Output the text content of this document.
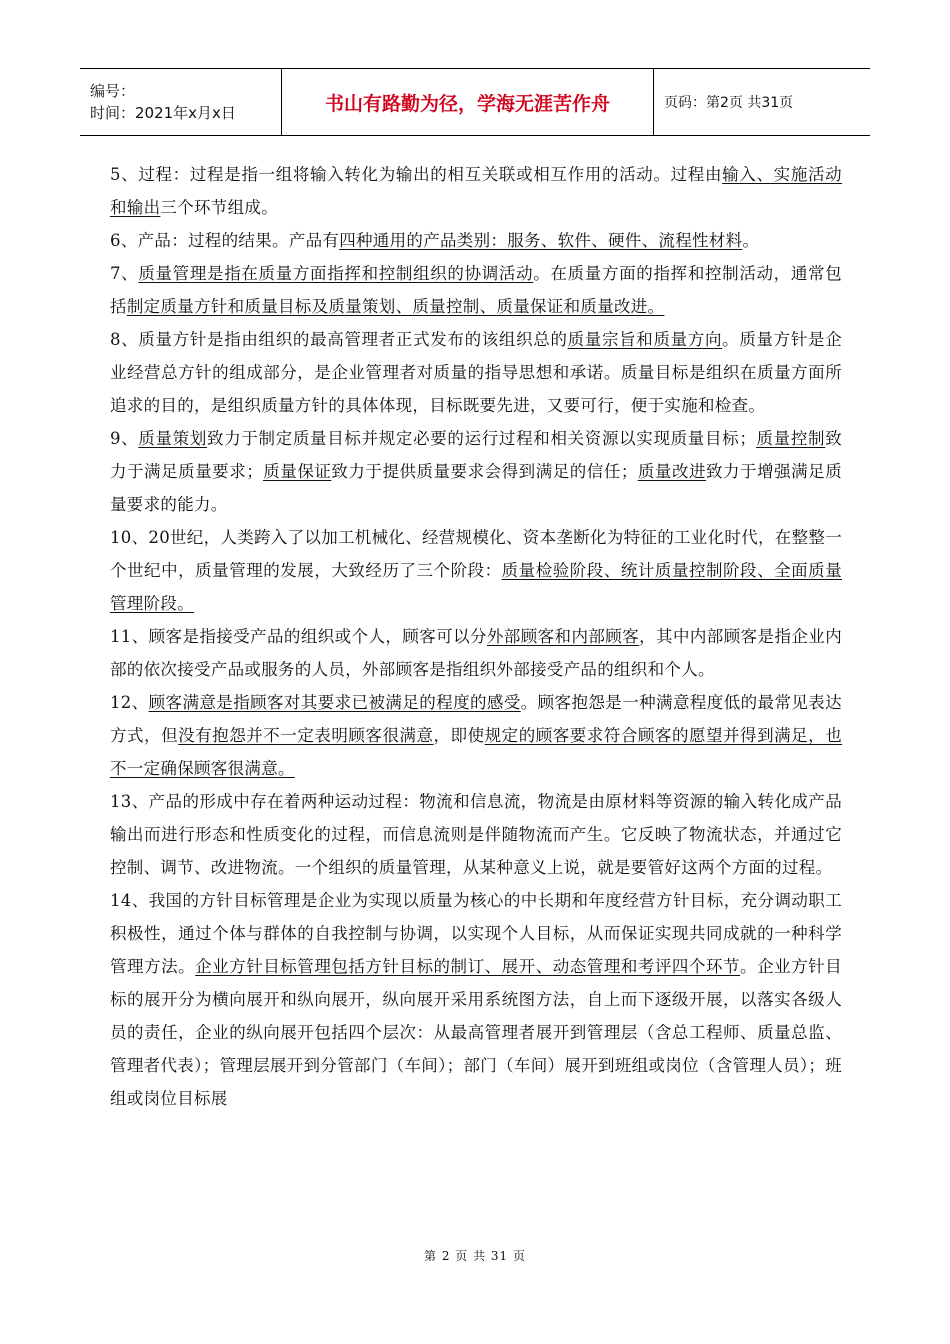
编号：
时间：2021年x月x日	书山有路勤为径，学海无涯苦作舟	页码：第2页 共31页

5、过程：过程是指一组将输入转化为输出的相互关联或相互作用的活动。过程由输入、实施活动和输出三个环节组成。

6、产品：过程的结果。产品有四种通用的产品类别：服务、软件、硬件、流程性材料。

7、质量管理是指在质量方面指挥和控制组织的协调活动。在质量方面的指挥和控制活动，通常包括制定质量方针和质量目标及质量策划、质量控制、质量保证和质量改进。

8、质量方针是指由组织的最高管理者正式发布的该组织总的质量宗旨和质量方向。质量方针是企业经营总方针的组成部分，是企业管理者对质量的指导思想和承诺。质量目标是组织在质量方面所追求的目的，是组织质量方针的具体体现，目标既要先进，又要可行，便于实施和检查。

9、质量策划致力于制定质量目标并规定必要的运行过程和相关资源以实现质量目标；质量控制致力于满足质量要求；质量保证致力于提供质量要求会得到满足的信任；质量改进致力于增强满足质量要求的能力。

10、20世纪，人类跨入了以加工机械化、经营规模化、资本垄断化为特征的工业化时代，在整整一个世纪中，质量管理的发展，大致经历了三个阶段：质量检验阶段、统计质量控制阶段、全面质量管理阶段。

11、顾客是指接受产品的组织或个人，顾客可以分外部顾客和内部顾客，其中内部顾客是指企业内部的依次接受产品或服务的人员，外部顾客是指组织外部接受产品的组织和个人。

12、顾客满意是指顾客对其要求已被满足的程度的感受。顾客抱怨是一种满意程度低的最常见表达方式，但没有抱怨并不一定表明顾客很满意，即使规定的顾客要求符合顾客的愿望并得到满足，也不一定确保顾客很满意。

13、产品的形成中存在着两种运动过程：物流和信息流，物流是由原材料等资源的输入转化成产品输出而进行形态和性质变化的过程，而信息流则是伴随物流而产生。它反映了物流状态，并通过它控制、调节、改进物流。一个组织的质量管理，从某种意义上说，就是要管好这两个方面的过程。

14、我国的方针目标管理是企业为实现以质量为核心的中长期和年度经营方针目标，充分调动职工积极性，通过个体与群体的自我控制与协调，以实现个人目标，从而保证实现共同成就的一种科学管理方法。企业方针目标管理包括方针目标的制订、展开、动态管理和考评四个环节。企业方针目标的展开分为横向展开和纵向展开，纵向展开采用系统图方法，自上而下逐级开展，以落实各级人员的责任，企业的纵向展开包括四个层次：从最高管理者展开到管理层（含总工程师、质量总监、管理者代表）；管理层展开到分管部门（车间）；部门（车间）展开到班组或岗位（含管理人员）；班组或岗位目标展

第 2 页 共 31 页
